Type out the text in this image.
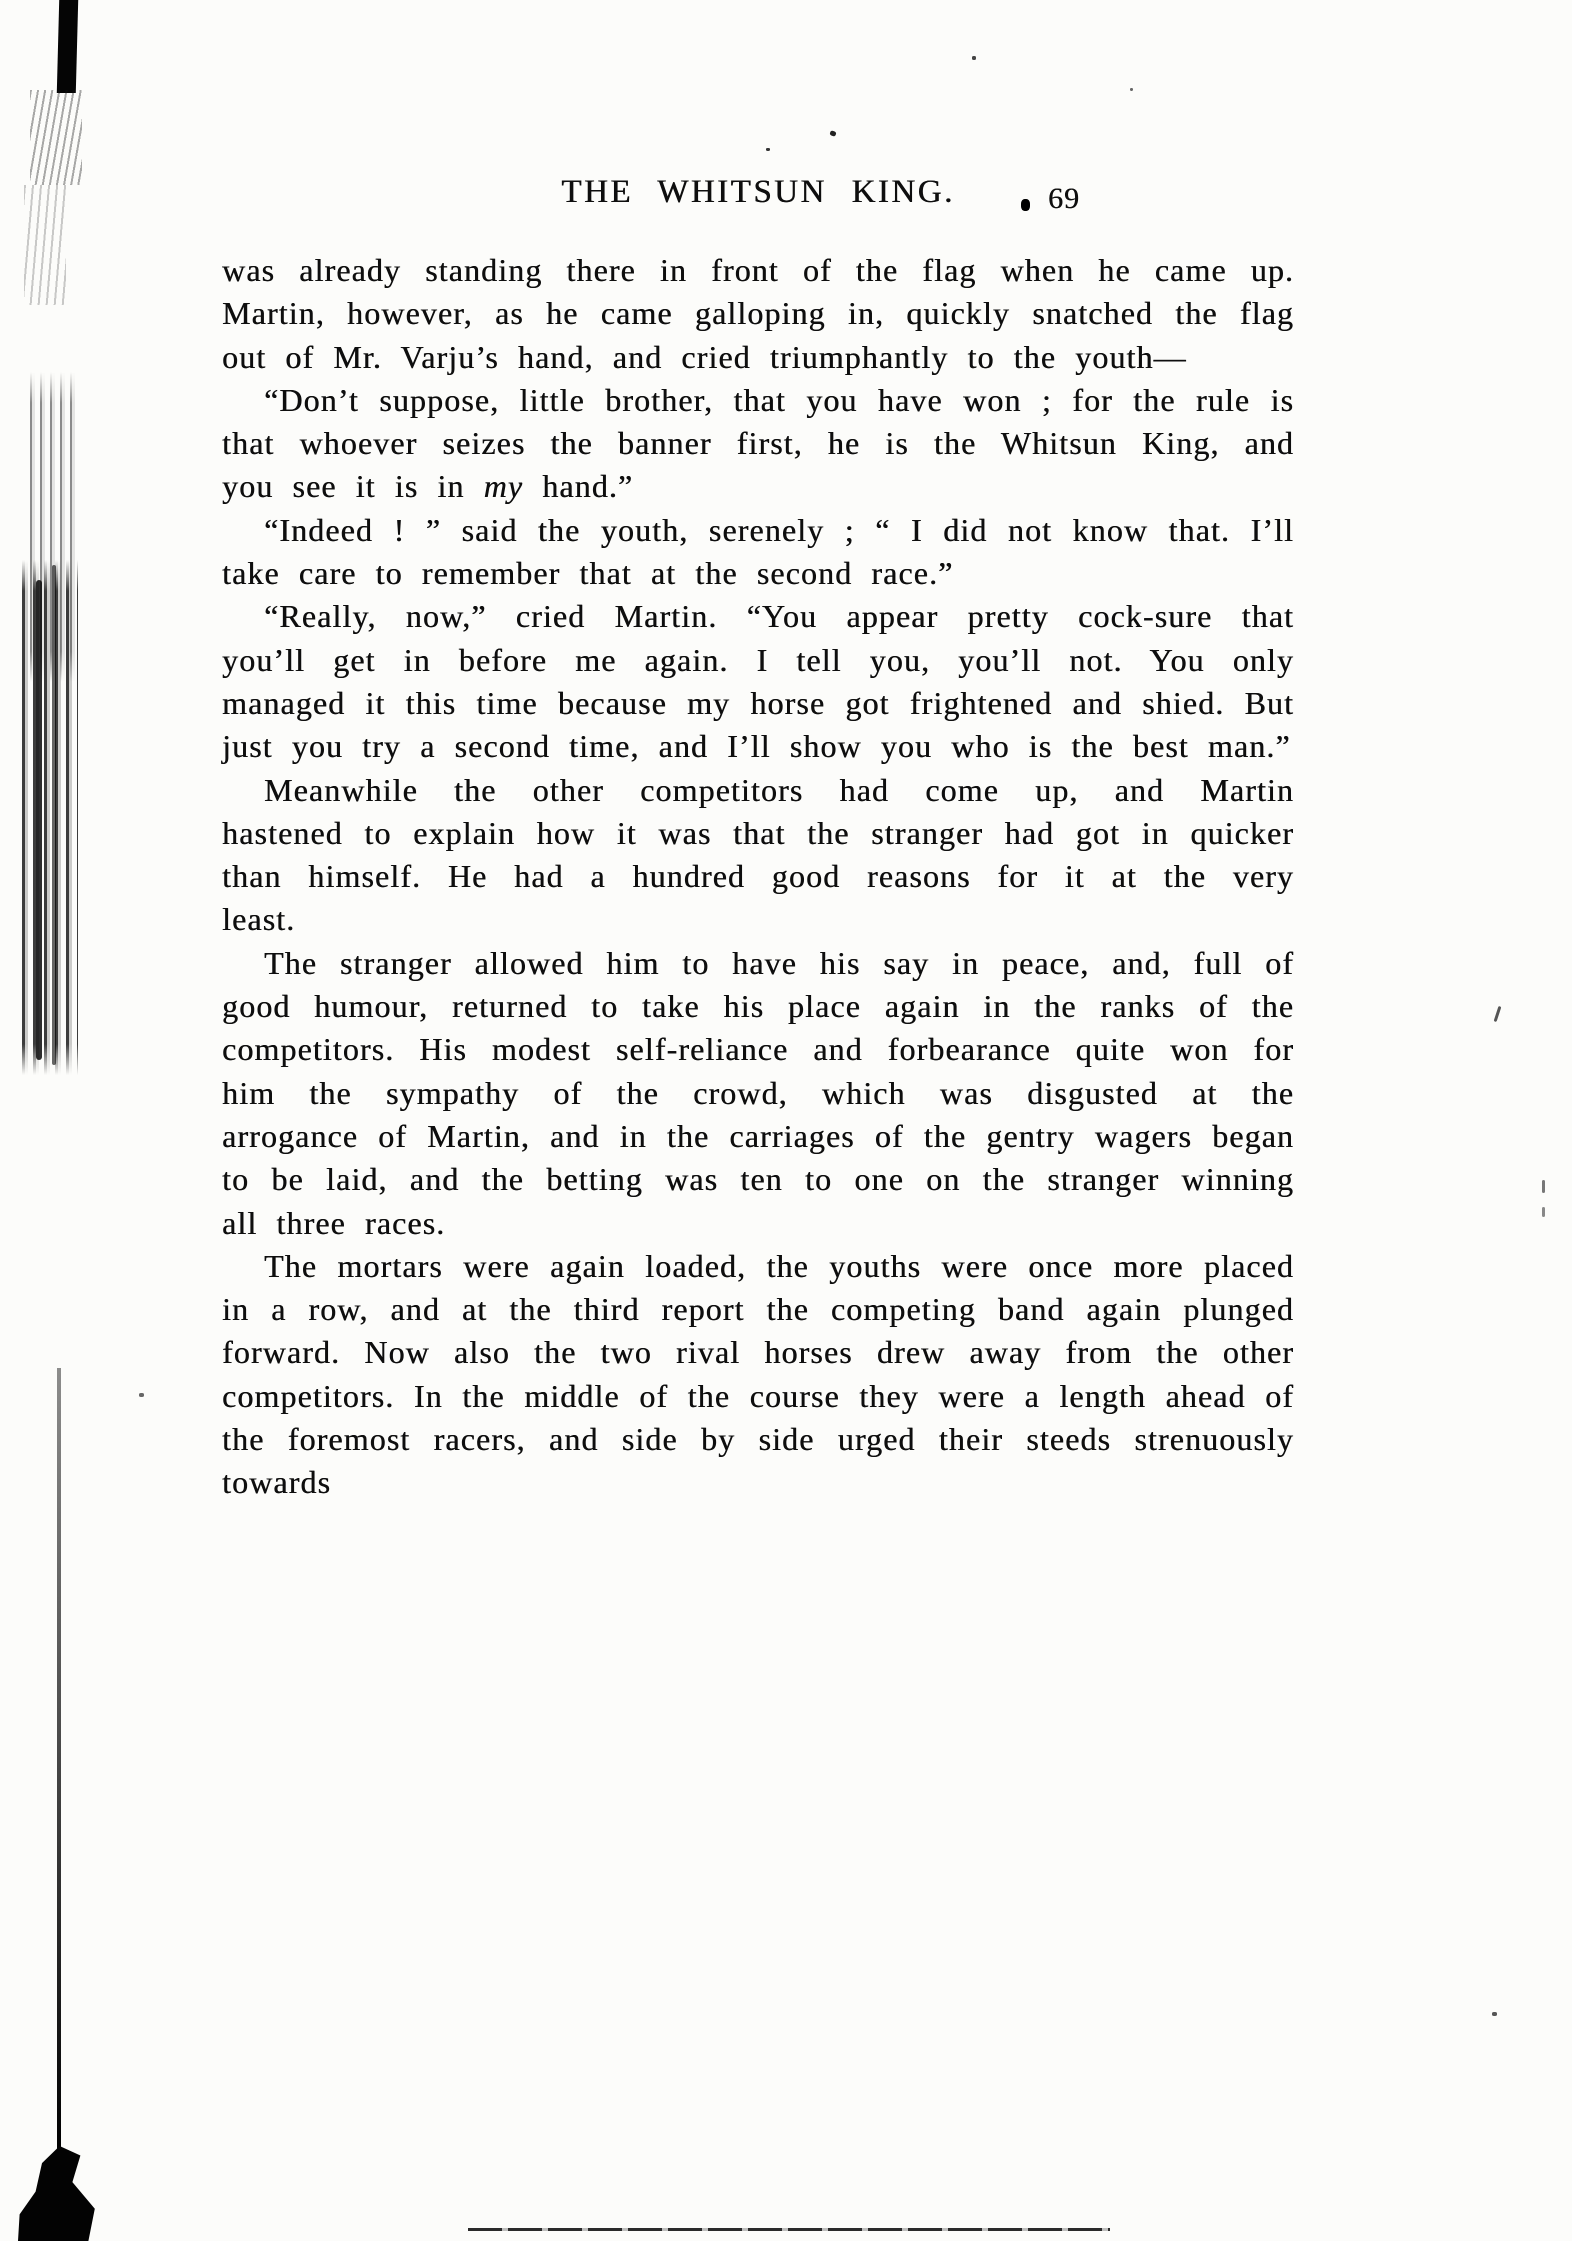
THE WHITSUN KING.	69

was already standing there in front of the flag when he came up. Martin, however, as he came galloping in, quickly snatched the flag out of Mr. Varju’s hand, and cried triumphantly to the youth—

“Don’t suppose, little brother, that you have won ; for the rule is that whoever seizes the banner first, he is the Whitsun King, and you see it is in my hand.”

“Indeed ! ” said the youth, serenely ; “ I did not know that. I’ll take care to remember that at the second race.”

“Really, now,” cried Martin. “You appear pretty cock-sure that you’ll get in before me again. I tell you, you’ll not. You only managed it this time because my horse got frightened and shied. But just you try a second time, and I’ll show you who is the best man.”

Meanwhile the other competitors had come up, and Martin hastened to explain how it was that the stranger had got in quicker than himself. He had a hundred good reasons for it at the very least.

The stranger allowed him to have his say in peace, and, full of good humour, returned to take his place again in the ranks of the competitors. His modest self-reliance and forbearance quite won for him the sympathy of the crowd, which was disgusted at the arrogance of Martin, and in the carriages of the gentry wagers began to be laid, and the betting was ten to one on the stranger winning all three races.

The mortars were again loaded, the youths were once more placed in a row, and at the third report the competing band again plunged forward. Now also the two rival horses drew away from the other competitors. In the middle of the course they were a length ahead of the foremost racers, and side by side urged their steeds strenuously towards
